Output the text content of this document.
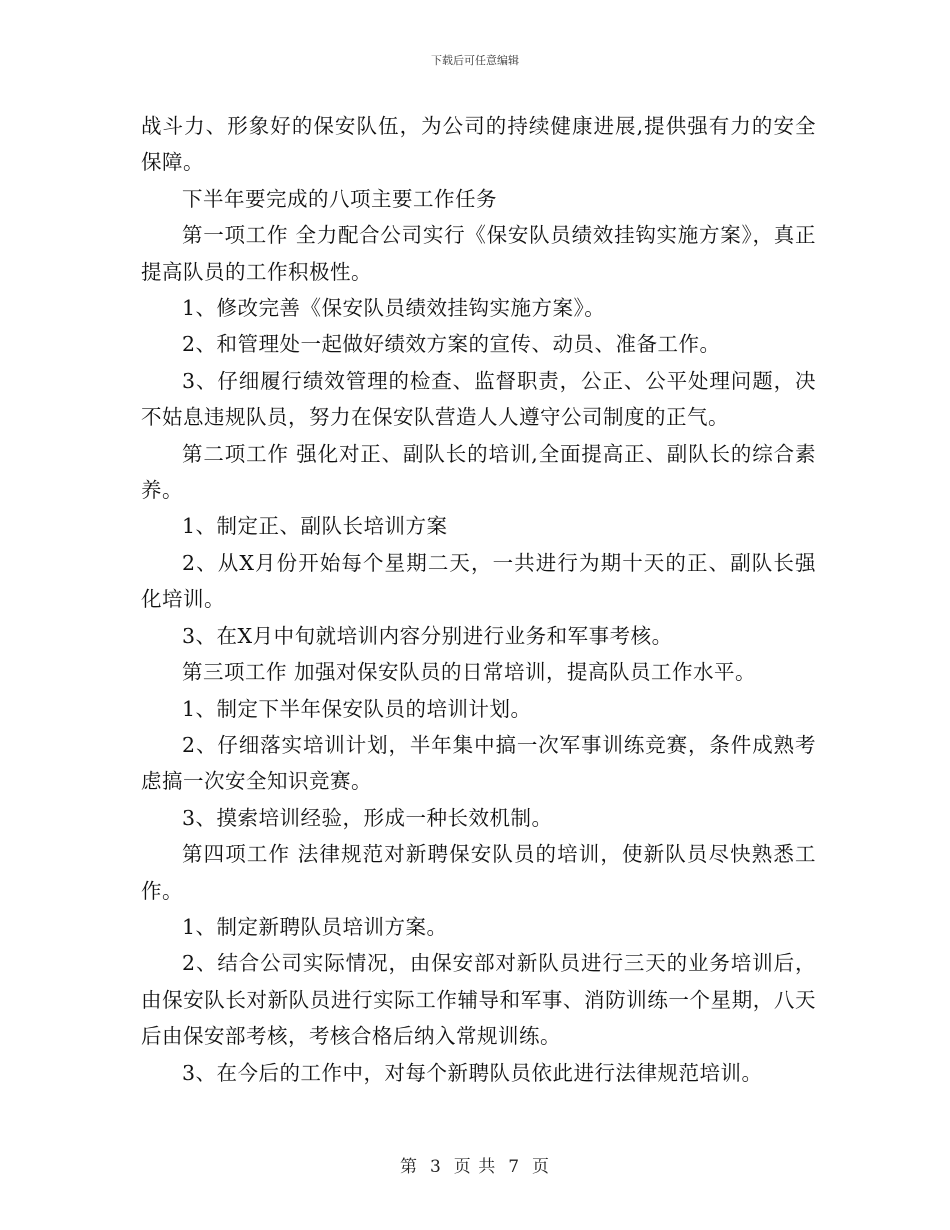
下载后可任意编辑

战斗力、形象好的保安队伍，为公司的持续健康进展,提供强有力的安全保障。

下半年要完成的八项主要工作任务

第一项工作 全力配合公司实行《保安队员绩效挂钩实施方案》，真正提高队员的工作积极性。

1、修改完善《保安队员绩效挂钩实施方案》。

2、和管理处一起做好绩效方案的宣传、动员、准备工作。

3、仔细履行绩效管理的检查、监督职责，公正、公平处理问题，决不姑息违规队员，努力在保安队营造人人遵守公司制度的正气。

第二项工作 强化对正、副队长的培训,全面提高正、副队长的综合素养。

1、制定正、副队长培训方案

2、从X月份开始每个星期二天，一共进行为期十天的正、副队长强化培训。

3、在X月中旬就培训内容分别进行业务和军事考核。

第三项工作 加强对保安队员的日常培训，提高队员工作水平。

1、制定下半年保安队员的培训计划。

2、仔细落实培训计划，半年集中搞一次军事训练竞赛，条件成熟考虑搞一次安全知识竞赛。

3、摸索培训经验，形成一种长效机制。

第四项工作 法律规范对新聘保安队员的培训，使新队员尽快熟悉工作。

1、制定新聘队员培训方案。

2、结合公司实际情况，由保安部对新队员进行三天的业务培训后，由保安队长对新队员进行实际工作辅导和军事、消防训练一个星期，八天后由保安部考核，考核合格后纳入常规训练。

3、在今后的工作中，对每个新聘队员依此进行法律规范培训。

第 3 页 共 7 页
